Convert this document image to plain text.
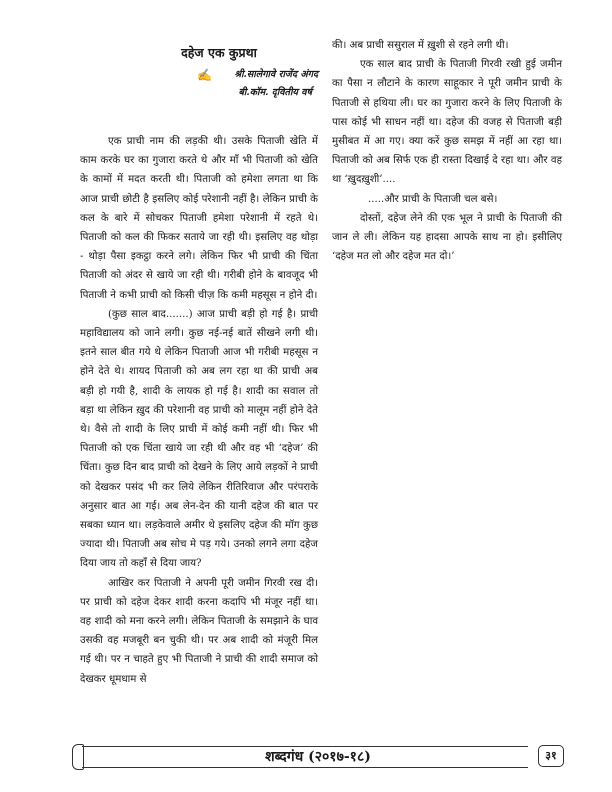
दहेज एक कुप्रथा
✍ श्री.सालेगावे राजेंद अंगद
बी.कॉम. दृवितीय वर्ष

एक प्राची नाम की लड़की थी। उसके पिताजी खेति में काम करके घर का गुजारा करते थे और माँ भी पिताजी को खेति के कामों में मदत करती थी। पिताजी को हमेशा लगता था कि आज प्राची छोटी है इसलिए कोई परेशानी नहीं है। लेकिन प्राची के कल के बारे में सोचकर पिताजी हमेशा परेशानी में रहते थे। पिताजी को कल की फिकर सताये जा रही थी। इसलिए वह थोड़ा - थोड़ा पैसा इकट्ठा करने लगे। लेकिन फिर भी प्राची की चिंता पिताजी को अंदर से खाये जा रही थी। गरीबी होने के बावजूद भी पिताजी ने कभी प्राची को किसी चीज़ कि कमी महसूस न होने दी।

(कुछ साल बाद.......) आज प्राची बड़ी हो गई है। प्राची महाविद्यालय को जाने लगी। कुछ नई-नई बातें सीखने लगी थी। इतने साल बीत गये थे लेकिन पिताजी आज भी गरीबी महसूस न होने देते थे। शायद पिताजी को अब लग रहा था की प्राची अब बड़ी हो गयी है, शादी के लायक हो गई है। शादी का सवाल तो बड़ा था लेकिन ख़ुद की परेशानी वह प्राची को मालूम नहीं होने देते थे। वैसे तो शादी के लिए प्राची में कोई कमी नहीं थी। फिर भी पिताजी को एक चिंता खाये जा रही थी और वह भी ‘दहेज’ की चिंता। कुछ दिन बाद प्राची को देखने के लिए आये लड़कों ने प्राची को देखकर पसंद भी कर लिये लेकिन रीतिरिवाज और परंपराके अनुसार बात आ गई। अब लेन-देन की यानी दहेज की बात पर सबका ध्यान था। लड़केवाले अमीर थे इसलिए दहेज की मॉग कुछ ज्यादा थी। पिताजी अब सोच मे पड़ गये। उनको लगने लगा दहेज दिया जाय तो कहाँ से दिया जाय?

आखिर कर पिताजी ने अपनी पूरी जमीन गिरवी रख दी। पर प्राची को दहेज देकर शादी करना कदापि भी मंजूर नहीं था। वह शादी को मना करने लगी। लेकिन पिताजी के समझाने के घाव उसकी वह मजबूरी बन चुकी थी। पर अब शादी को मंजूरी मिल गई थी। पर न चाहते हुए भी पिताजी ने प्राची की शादी समाज को देखकर धूमधाम से

की। अब प्राची ससुराल में ख़ुशी से रहने लगी थी।

एक साल बाद प्राची के पिताजी गिरवी रखी हुई जमीन का पैसा न लौटाने के कारण साहूकार ने पूरी जमीन प्राची के पिताजी से हथिया ली। घर का गुजारा करने के लिए पिताजी के पास कोई भी साधन नहीं था। दहेज की वजह से पिताजी बड़ी मुसीबत में आ गए। क्या करें कुछ समझ में नहीं आ रहा था। पिताजी को अब सिर्फ एक ही रास्ता दिखाई दे रहा था। और वह था ‘ख़ुदख़ुशी’....

.....और प्राची के पिताजी चल बसे।

दोस्तों, दहेज लेने की एक भूल ने प्राची के पिताजी की जान ले ली। लेकिन यह हादसा आपके साथ ना हो। इसीलिए ‘दहेज मत लो और दहेज मत दो।’

शब्दगंध (२०१७-१८)	३१
